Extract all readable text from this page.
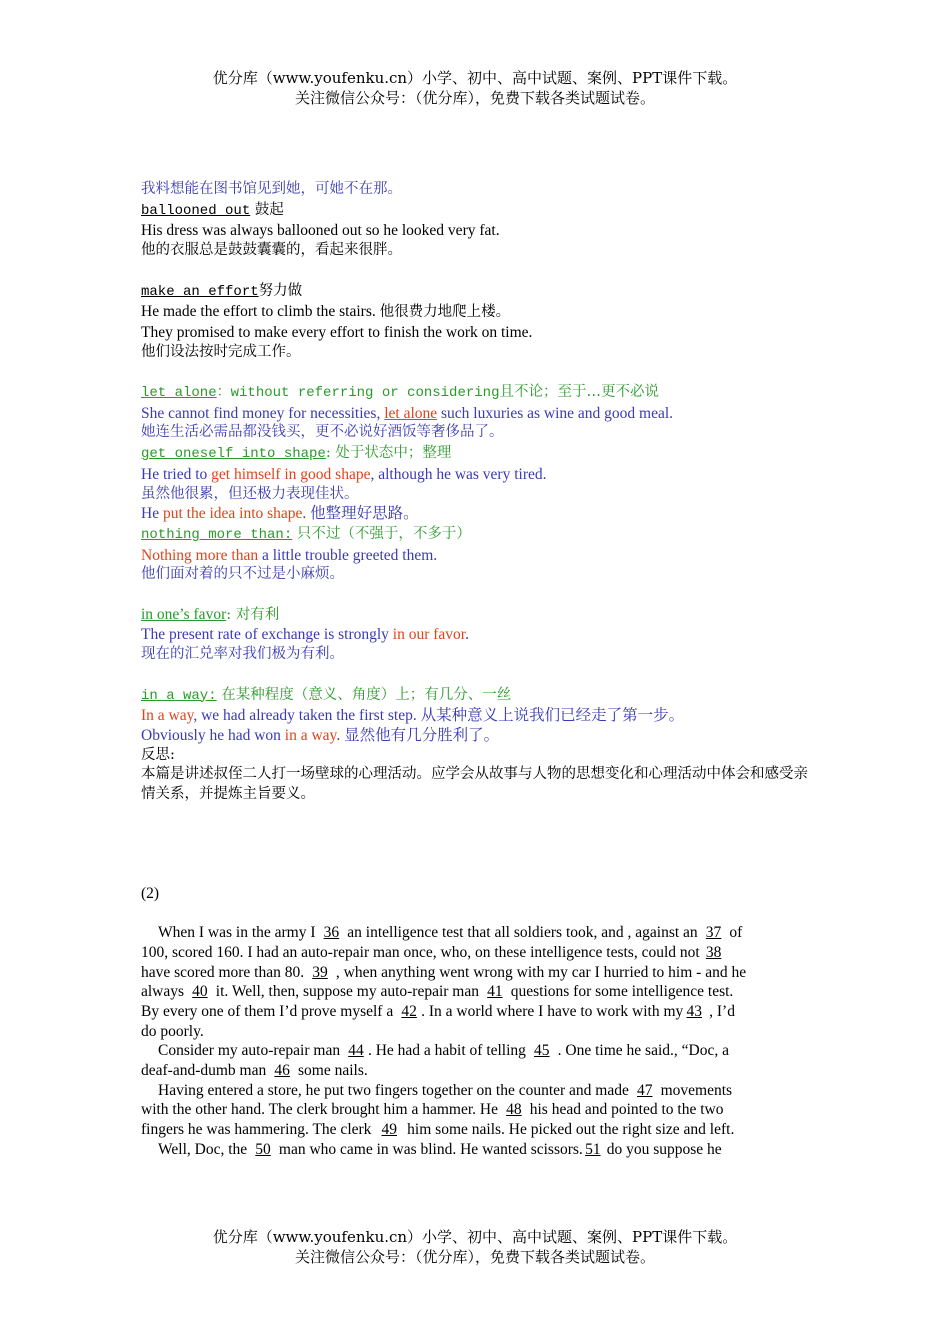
优分库（www.youfenku.cn）小学、初中、高中试题、案例、PPT课件下载。
关注微信公众号：（优分库），免费下载各类试题试卷。
我料想能在图书馆见到她，可她不在那。
ballooned out 鼓起
His dress was always ballooned out so he looked very fat.
他的衣服总是鼓鼓囊囊的，看起来很胖。
make an effort努力做
He made the effort to climb the stairs. 他很费力地爬上楼。
They promised to make every effort to finish the work on time.
他们设法按时完成工作。
let alone：without referring or considering且不论；至于…更不必说
She cannot find money for necessities, let alone such luxuries as wine and good meal.
她连生活必需品都没钱买，更不必说好酒饭等奢侈品了。
get oneself into shape: 处于状态中；整理
He tried to get himself in good shape, although he was very tired.
虽然他很累，但还极力表现佳状。
He put the idea into shape. 他整理好思路。
nothing more than: 只不过（不强于，不多于）
Nothing more than a little trouble greeted them.
他们面对着的只不过是小麻烦。
in one’s favor: 对有利
The present rate of exchange is strongly in our favor.
现在的汇兑率对我们极为有利。
in a way: 在某种程度（意义、角度）上；有几分、一丝
In a way, we had already taken the first step. 从某种意义上说我们已经走了第一步。
Obviously he had won in a way. 显然他有几分胜利了。
反思:
本篇是讲述叔侄二人打一场壁球的心理活动。应学会从故事与人物的思想变化和心理活动中体会和感受亲情关系，并提炼主旨要义。
(2)
When I was in the army I 36 an intelligence test that all soldiers took, and , against an 37 of
100, scored 160. I had an auto-repair man once, who, on these intelligence tests, could not 38
have scored more than 80. 39 , when anything went wrong with my car I hurried to him - and he
always 40 it. Well, then, suppose my auto-repair man 41 questions for some intelligence test.
By every one of them I’d prove myself a 42 . In a world where I have to work with my 43 , I’d
do poorly.
Consider my auto-repair man 44 . He had a habit of telling 45 . One time he said., “Doc, a
deaf-and-dumb man 46 some nails.
Having entered a store, he put two fingers together on the counter and made 47 movements
with the other hand. The clerk brought him a hammer. He 48 his head and pointed to the two
fingers he was hammering. The clerk 49 him some nails. He picked out the right size and left.
Well, Doc, the 50 man who came in was blind. He wanted scissors. 51 do you suppose he
优分库（www.youfenku.cn）小学、初中、高中试题、案例、PPT课件下载。
关注微信公众号：（优分库），免费下载各类试题试卷。
